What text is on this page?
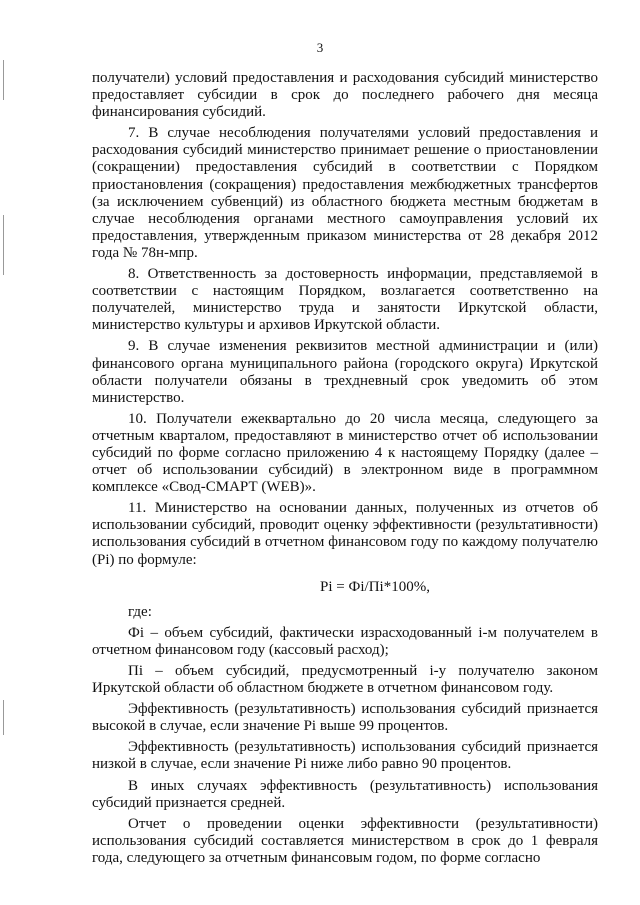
3

получатели) условий предоставления и расходования субсидий министерство предоставляет субсидии в срок до последнего рабочего дня месяца финансирования субсидий.

7. В случае несоблюдения получателями условий предоставления и расходования субсидий министерство принимает решение о приостановлении (сокращении) предоставления субсидий в соответствии с Порядком приостановления (сокращения) предоставления межбюджетных трансфертов (за исключением субвенций) из областного бюджета местным бюджетам в случае несоблюдения органами местного самоуправления условий их предоставления, утвержденным приказом министерства от 28 декабря 2012 года № 78н-мпр.

8. Ответственность за достоверность информации, представляемой в соответствии с настоящим Порядком, возлагается соответственно на получателей, министерство труда и занятости Иркутской области, министерство культуры и архивов Иркутской области.

9. В случае изменения реквизитов местной администрации и (или) финансового органа муниципального района (городского округа) Иркутской области получатели обязаны в трехдневный срок уведомить об этом министерство.

10. Получатели ежеквартально до 20 числа месяца, следующего за отчетным кварталом, предоставляют в министерство отчет об использовании субсидий по форме согласно приложению 4 к настоящему Порядку (далее – отчет об использовании субсидий) в электронном виде в программном комплексе «Свод-СМАРТ (WEB)».

11. Министерство на основании данных, полученных из отчетов об использовании субсидий, проводит оценку эффективности (результативности) использования субсидий в отчетном финансовом году по каждому получателю (Pi) по формуле:

Pi = Фi/Пi*100%,

где:

Фi – объем субсидий, фактически израсходованный i-м получателем в отчетном финансовом году (кассовый расход);

Пi – объем субсидий, предусмотренный i-у получателю законом Иркутской области об областном бюджете в отчетном финансовом году.

Эффективность (результативность) использования субсидий признается высокой в случае, если значение Pi выше 99 процентов.

Эффективность (результативность) использования субсидий признается низкой в случае, если значение Pi ниже либо равно 90 процентов.

В иных случаях эффективность (результативность) использования субсидий признается средней.

Отчет о проведении оценки эффективности (результативности) использования субсидий составляется министерством в срок до 1 февраля года, следующего за отчетным финансовым годом, по форме согласно
